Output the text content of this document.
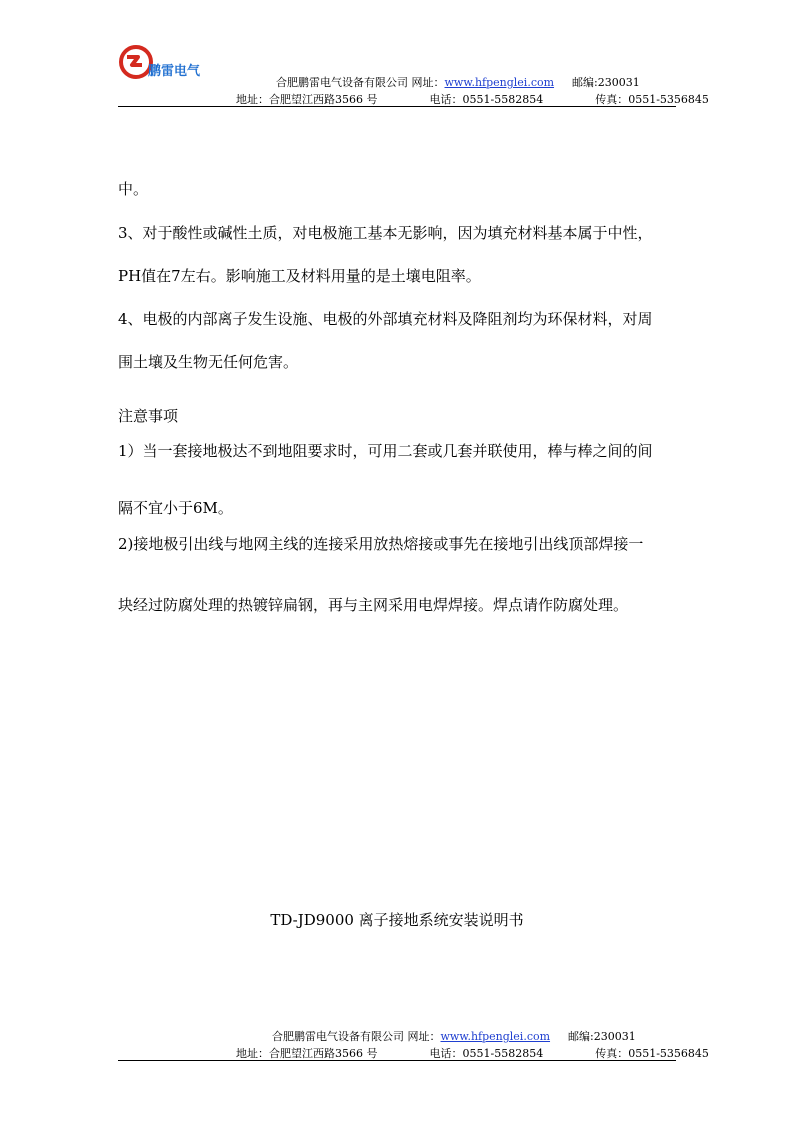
鹏雷电气
合肥鹏雷电气设备有限公司 网址：www.hfpenglei.com 邮编:230031
地址：合肥望江西路3566 号	电话：0551-5582854	传真：0551-5356845
中。
3、对于酸性或碱性土质，对电极施工基本无影响，因为填充材料基本属于中性，
PH值在7左右。影响施工及材料用量的是土壤电阻率。
4、电极的内部离子发生设施、电极的外部填充材料及降阻剂均为环保材料，对周
围土壤及生物无任何危害。
注意事项
1）当一套接地极达不到地阻要求时，可用二套或几套并联使用，棒与棒之间的间
隔不宜小于6M。
2)接地极引出线与地网主线的连接采用放热熔接或事先在接地引出线顶部焊接一
块经过防腐处理的热镀锌扁钢，再与主网采用电焊焊接。焊点请作防腐处理。
TD-JD9000 离子接地系统安装说明书
合肥鹏雷电气设备有限公司 网址：www.hfpenglei.com 邮编:230031
地址：合肥望江西路3566 号	电话：0551-5582854	传真：0551-5356845
